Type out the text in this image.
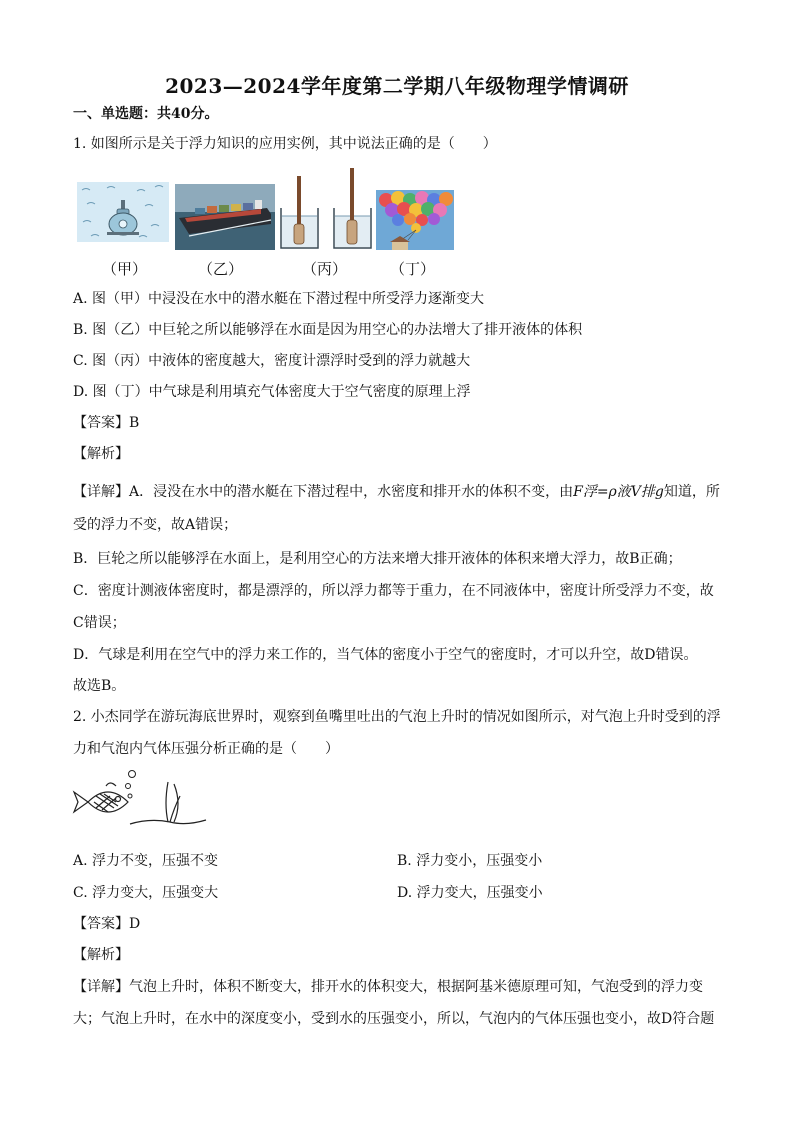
2023—2024学年度第二学期八年级物理学情调研
一、单选题：共40分。
1. 如图所示是关于浮力知识的应用实例，其中说法正确的是（　　）
（甲）	（乙）	（丙）	（丁）
A. 图（甲）中浸没在水中的潜水艇在下潜过程中所受浮力逐渐变大
B. 图（乙）中巨轮之所以能够浮在水面是因为用空心的办法增大了排开液体的体积
C. 图（丙）中液体的密度越大，密度计漂浮时受到的浮力就越大
D. 图（丁）中气球是利用填充气体密度大于空气密度的原理上浮
【答案】B
【解析】
【详解】A．浸没在水中的潜水艇在下潜过程中，水密度和排开水的体积不变，由F浮=ρ液V排g知道，所
受的浮力不变，故A错误；
B．巨轮之所以能够浮在水面上，是利用空心的方法来增大排开液体的体积来增大浮力，故B正确；
C．密度计测液体密度时，都是漂浮的，所以浮力都等于重力，在不同液体中，密度计所受浮力不变，故
C错误；
D．气球是利用在空气中的浮力来工作的，当气体的密度小于空气的密度时，才可以升空，故D错误。
故选B。
2. 小杰同学在游玩海底世界时，观察到鱼嘴里吐出的气泡上升时的情况如图所示，对气泡上升时受到的浮
力和气泡内气体压强分析正确的是（　　）
A. 浮力不变，压强不变	B. 浮力变小，压强变小
C. 浮力变大，压强变大	D. 浮力变大，压强变小
【答案】D
【解析】
【详解】气泡上升时，体积不断变大，排开水的体积变大，根据阿基米德原理可知，气泡受到的浮力变
大；气泡上升时，在水中的深度变小，受到水的压强变小，所以，气泡内的气体压强也变小，故D符合题
